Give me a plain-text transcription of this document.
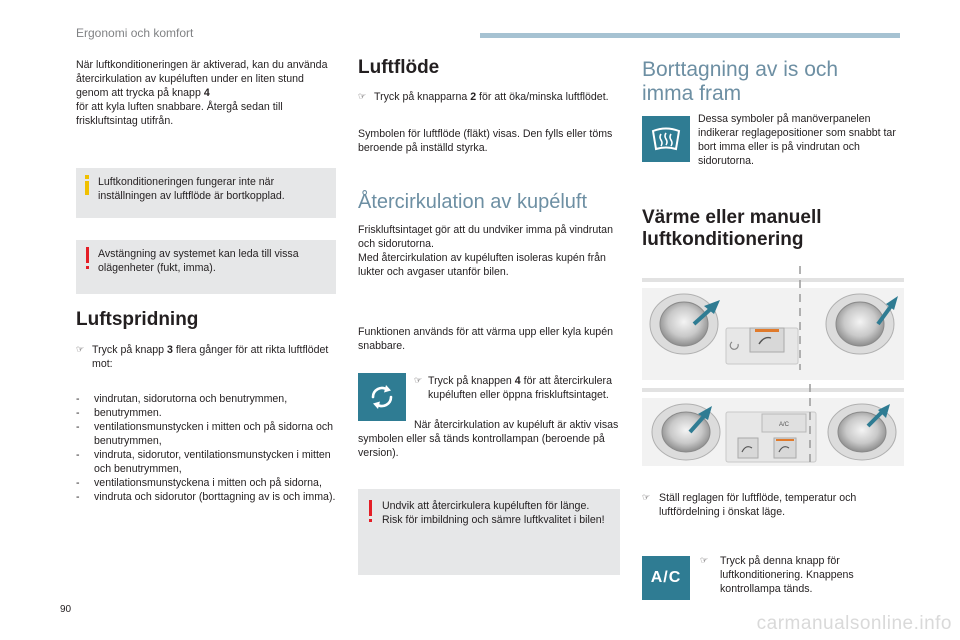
Ergonomi och komfort

När luftkonditioneringen är aktiverad, kan du använda återcirkulation av kupéluften under en liten stund genom att trycka på knapp 4
för att kyla luften snabbare. Återgå sedan till friskluftsintag utifrån.

Luftkonditioneringen fungerar inte när inställningen av luftflöde är bortkopplad.

Avstängning av systemet kan leda till vissa olägenheter (fukt, imma).

Luftspridning

☞ Tryck på knapp 3 flera gånger för att rikta luftflödet mot:

- vindrutan, sidorutorna och benutrymmen,
- benutrymmen.
- ventilationsmunstycken i mitten och på sidorna och benutrymmen,
- vindruta, sidorutor, ventilationsmunstycken i mitten och benutrymmen,
- ventilationsmunstyckena i mitten och på sidorna,
- vindruta och sidorutor (borttagning av is och imma).

Luftflöde

☞ Tryck på knapparna 2 för att öka/minska luftflödet.

Symbolen för luftflöde (fläkt) visas. Den fylls eller töms beroende på inställd styrka.

Återcirkulation av kupéluft

Friskluftsintaget gör att du undviker imma på vindrutan och sidorutorna.

Med återcirkulation av kupéluften isoleras kupén från lukter och avgaser utanför bilen.

Funktionen används för att värma upp eller kyla kupén snabbare.

☞ Tryck på knappen 4 för att återcirkulera kupéluften eller öppna friskluftsintaget.

När återcirkulation av kupéluft är aktiv visas symbolen eller så tänds kontrollampan (beroende på version).

Undvik att återcirkulera kupéluften för länge. Risk för imbildning och sämre luftkvalitet i bilen!

Borttagning av is och
imma fram

Dessa symboler på manöverpanelen indikerar reglagepositioner som snabbt tar bort imma eller is på vindrutan och sidorutorna.

Värme eller manuell
luftkonditionering

A/C

☞ Ställ reglagen för luftflöde, temperatur och luftfördelning i önskat läge.

A/C

☞ Tryck på denna knapp för luftkonditionering. Knappens kontrollampa tänds.

90
carmanualsonline.info
